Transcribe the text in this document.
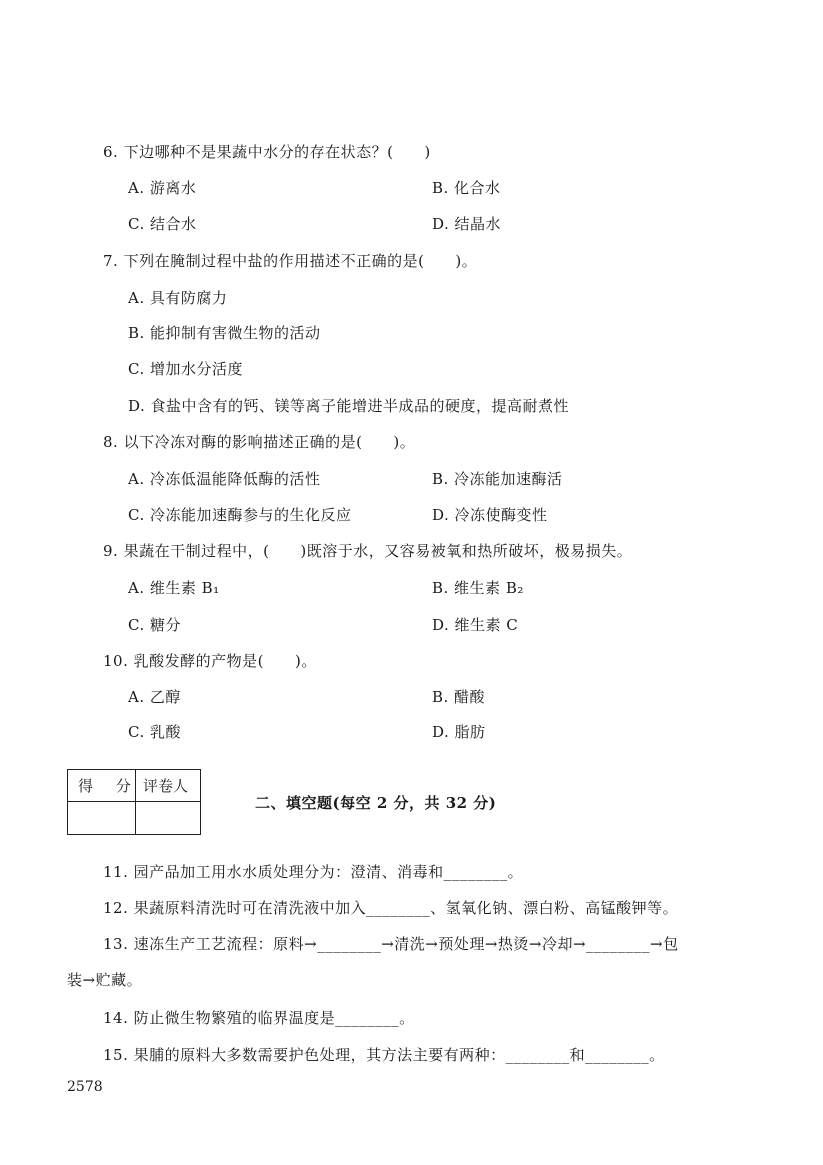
6. 下边哪种不是果蔬中水分的存在状态？(　　)
A. 游离水	B. 化合水
C. 结合水	D. 结晶水
7. 下列在腌制过程中盐的作用描述不正确的是(　　)。
A. 具有防腐力
B. 能抑制有害微生物的活动
C. 增加水分活度
D. 食盐中含有的钙、镁等离子能增进半成品的硬度，提高耐煮性
8. 以下冷冻对酶的影响描述正确的是(　　)。
A. 冷冻低温能降低酶的活性	B. 冷冻能加速酶活
C. 冷冻能加速酶参与的生化反应	D. 冷冻使酶变性
9. 果蔬在干制过程中，(　　)既溶于水，又容易被氧和热所破坏，极易损失。
A. 维生素 B₁	B. 维生素 B₂
C. 糖分	D. 维生素 C
10. 乳酸发酵的产物是(　　)。
A. 乙醇	B. 醋酸
C. 乳酸	D. 脂肪
得 分 评卷人
二、填空题(每空 2 分，共 32 分)
11. 园产品加工用水水质处理分为：澄清、消毒和________。
12. 果蔬原料清洗时可在清洗液中加入________、氢氧化钠、漂白粉、高锰酸钾等。
13. 速冻生产工艺流程：原料→________→清洗→预处理→热烫→冷却→________→包
装→贮藏。
14. 防止微生物繁殖的临界温度是________。
15. 果脯的原料大多数需要护色处理，其方法主要有两种：________和________。
2578
